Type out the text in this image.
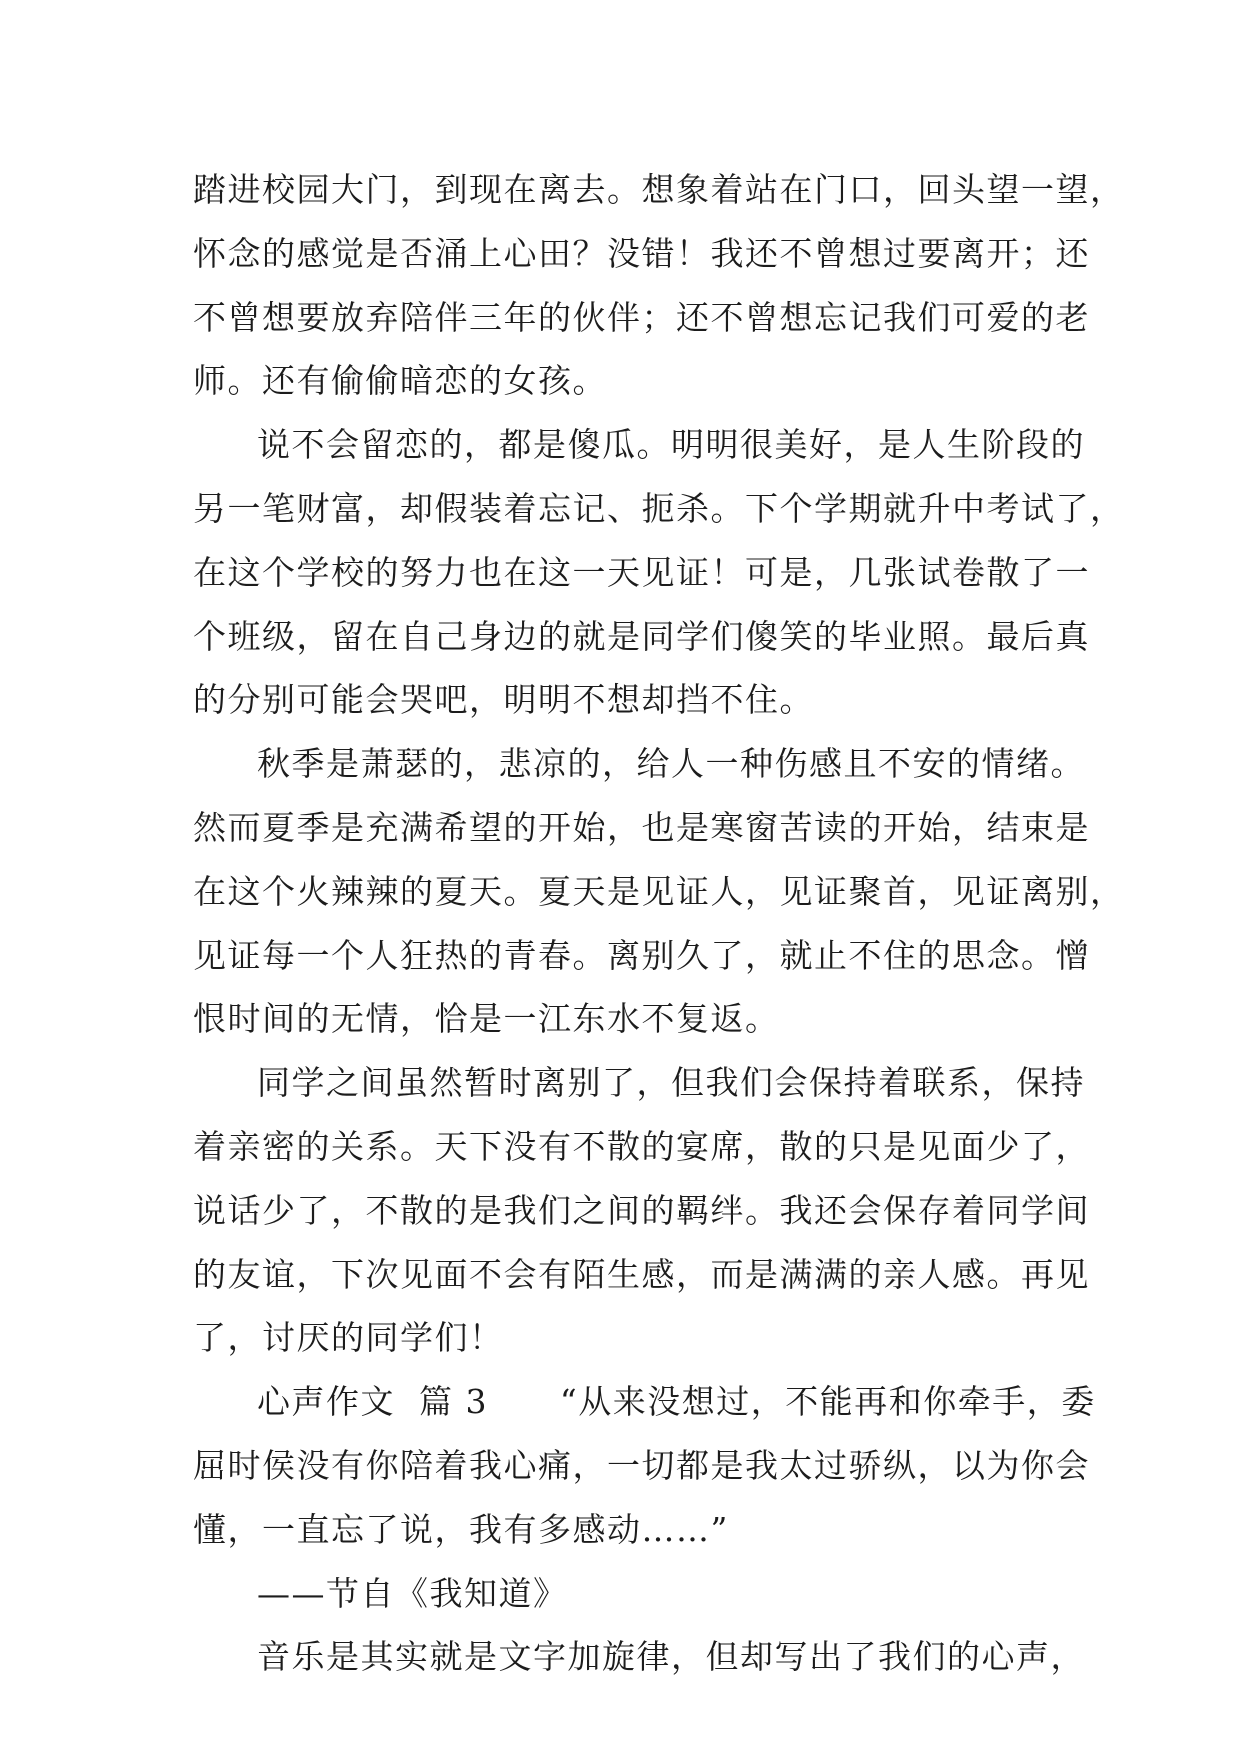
踏进校园大门，到现在离去。想象着站在门口，回头望一望，
怀念的感觉是否涌上心田？没错！我还不曾想过要离开；还
不曾想要放弃陪伴三年的伙伴；还不曾想忘记我们可爱的老
师。还有偷偷暗恋的女孩。
说不会留恋的，都是傻瓜。明明很美好，是人生阶段的
另一笔财富，却假装着忘记、扼杀。下个学期就升中考试了，
在这个学校的努力也在这一天见证！可是，几张试卷散了一
个班级，留在自己身边的就是同学们傻笑的毕业照。最后真
的分别可能会哭吧，明明不想却挡不住。
秋季是萧瑟的，悲凉的，给人一种伤感且不安的情绪。
然而夏季是充满希望的开始，也是寒窗苦读的开始，结束是
在这个火辣辣的夏天。夏天是见证人，见证聚首，见证离别，
见证每一个人狂热的青春。离别久了，就止不住的思念。憎
恨时间的无情，恰是一江东水不复返。
同学之间虽然暂时离别了，但我们会保持着联系，保持
着亲密的关系。天下没有不散的宴席，散的只是见面少了，
说话少了，不散的是我们之间的羁绊。我还会保存着同学间
的友谊，下次见面不会有陌生感，而是满满的亲人感。再见
了，讨厌的同学们！
心声作文  篇 3      “从来没想过，不能再和你牵手，委
屈时侯没有你陪着我心痛，一切都是我太过骄纵，以为你会
懂，一直忘了说，我有多感动……”
——节自《我知道》
音乐是其实就是文字加旋律，但却写出了我们的心声，
